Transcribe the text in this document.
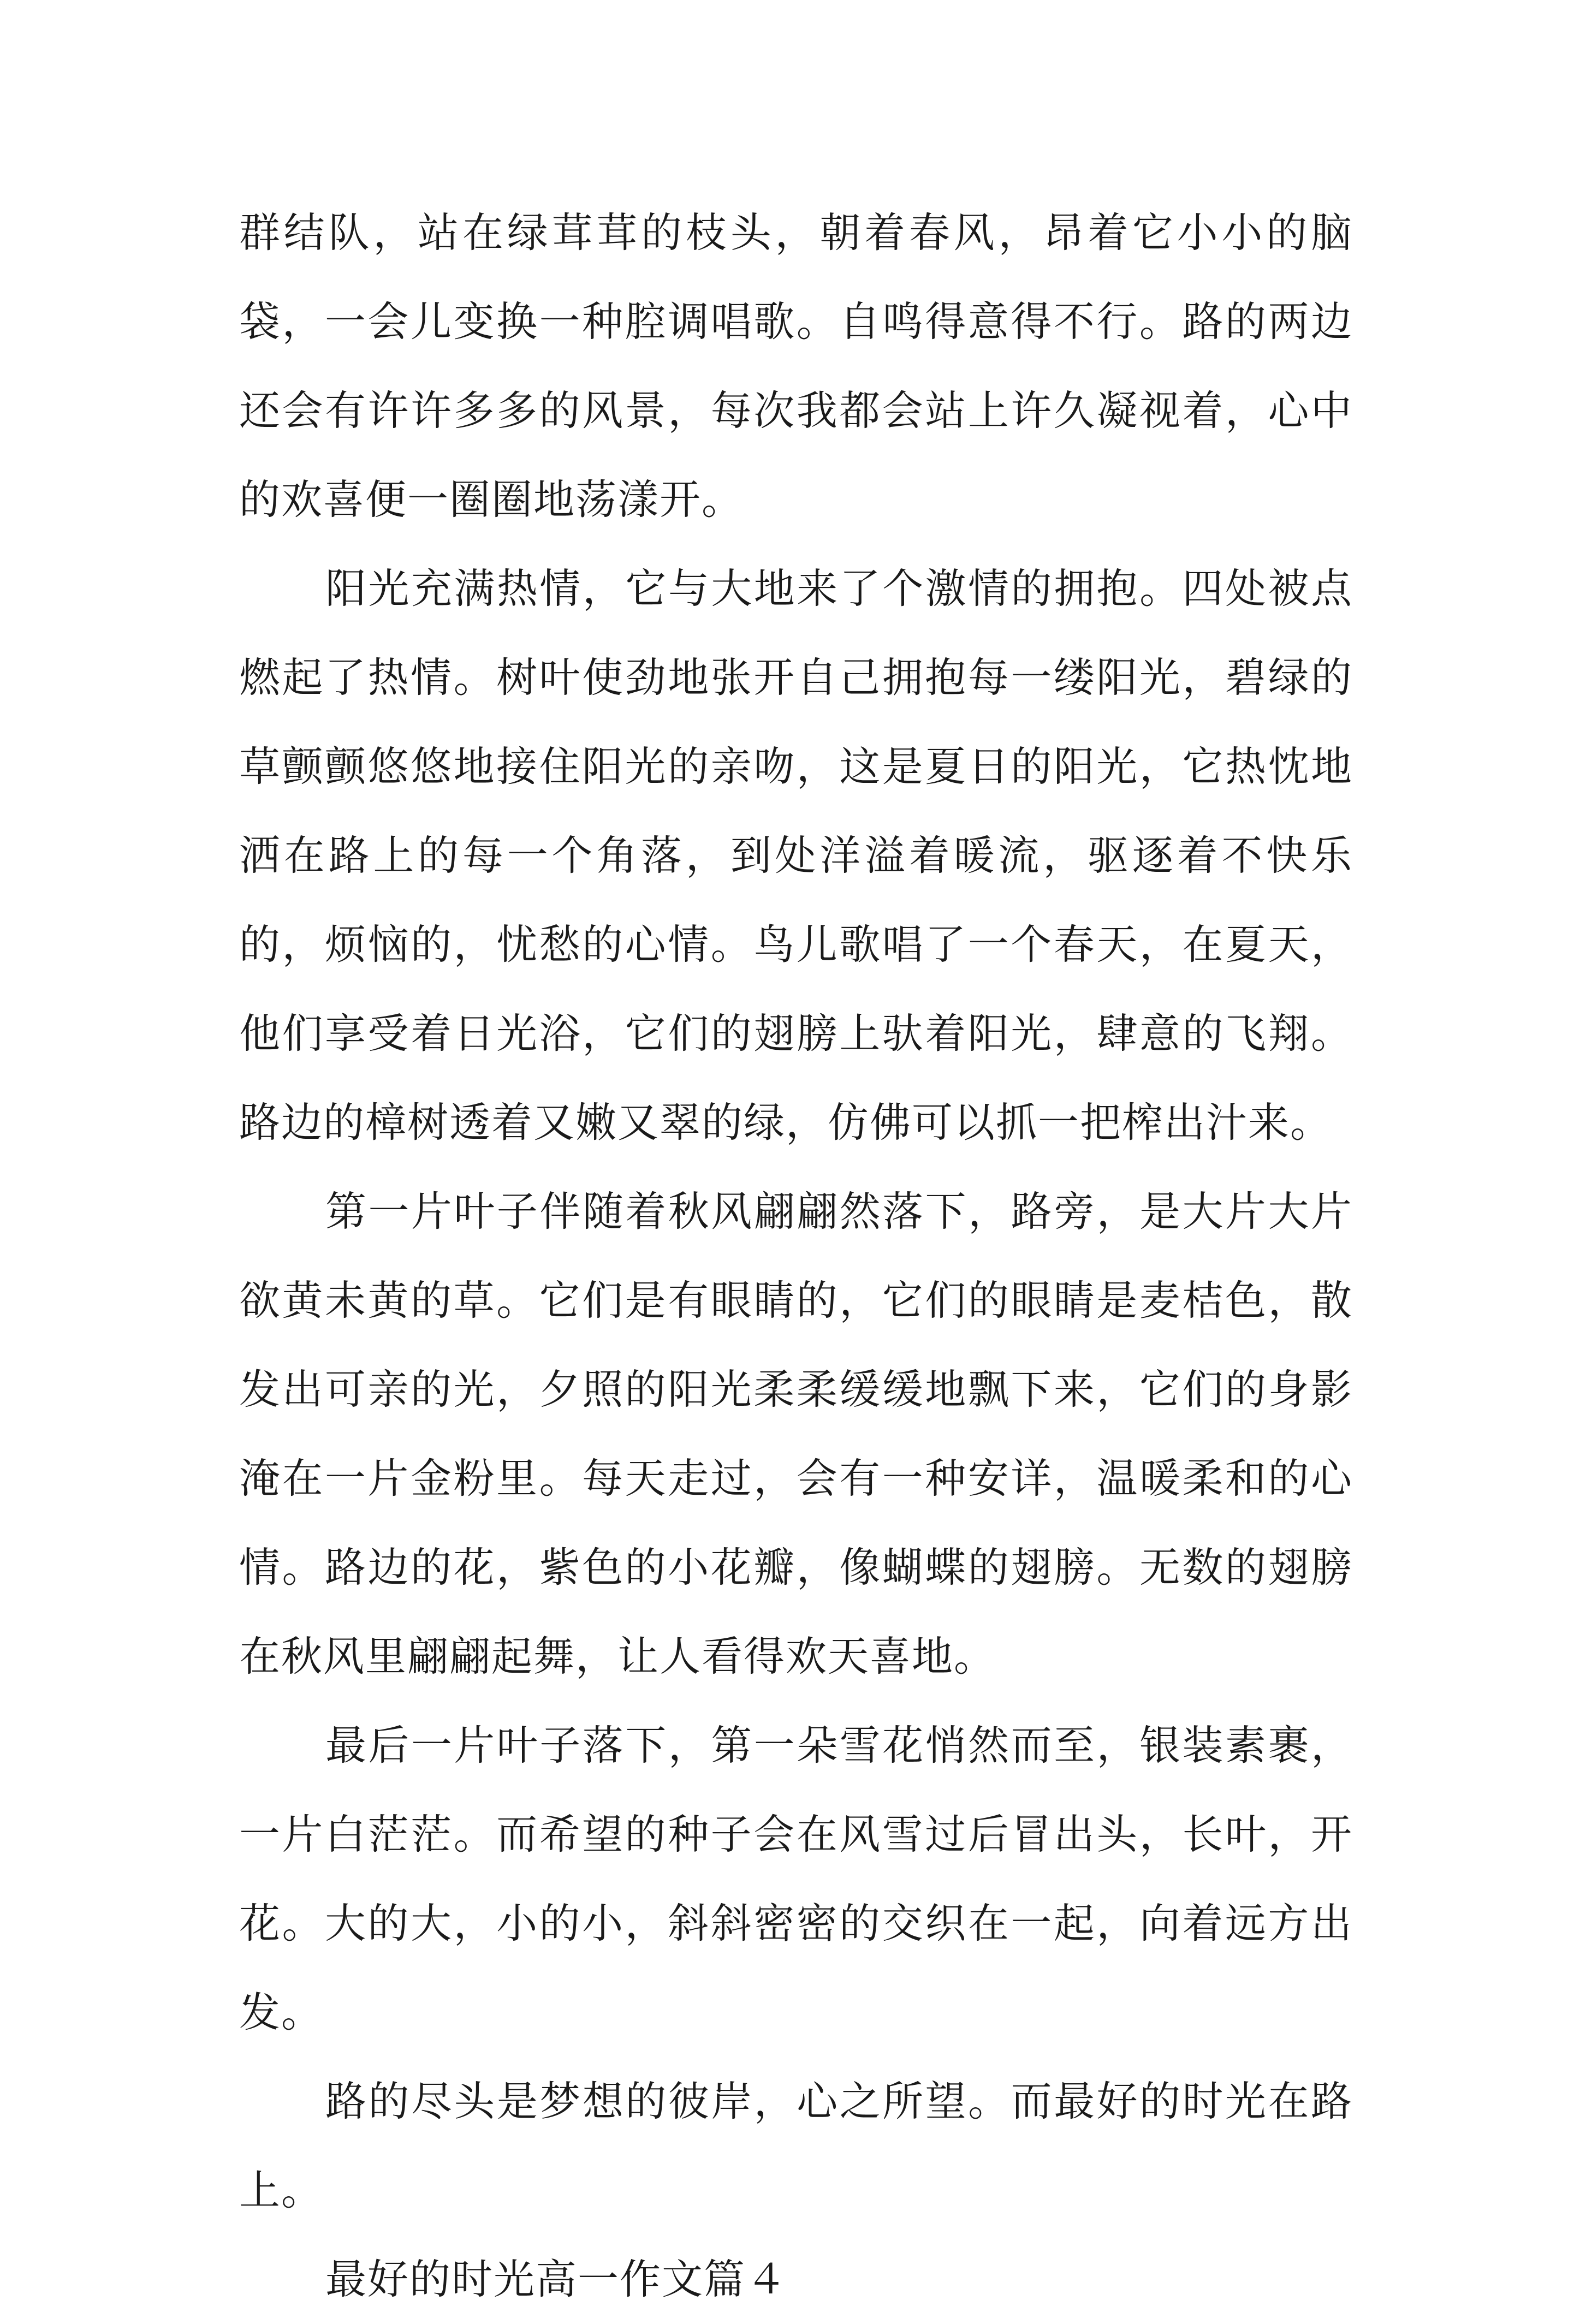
群结队，站在绿茸茸的枝头，朝着春风，昂着它小小的脑袋，一会儿变换一种腔调唱歌。自鸣得意得不行。路的两边还会有许许多多的风景，每次我都会站上许久凝视着，心中的欢喜便一圈圈地荡漾开。

阳光充满热情，它与大地来了个激情的拥抱。四处被点燃起了热情。树叶使劲地张开自己拥抱每一缕阳光，碧绿的草颤颤悠悠地接住阳光的亲吻，这是夏日的阳光，它热忱地洒在路上的每一个角落，到处洋溢着暖流，驱逐着不快乐的，烦恼的，忧愁的心情。鸟儿歌唱了一个春天，在夏天，他们享受着日光浴，它们的翅膀上驮着阳光，肆意的飞翔。路边的樟树透着又嫩又翠的绿，仿佛可以抓一把榨出汁来。

第一片叶子伴随着秋风翩翩然落下，路旁，是大片大片欲黄未黄的草。它们是有眼睛的，它们的眼睛是麦桔色，散发出可亲的光，夕照的阳光柔柔缓缓地飘下来，它们的身影淹在一片金粉里。每天走过，会有一种安详，温暖柔和的心情。路边的花，紫色的小花瓣，像蝴蝶的翅膀。无数的翅膀在秋风里翩翩起舞，让人看得欢天喜地。

最后一片叶子落下，第一朵雪花悄然而至，银装素裹，一片白茫茫。而希望的种子会在风雪过后冒出头，长叶，开花。大的大，小的小，斜斜密密的交织在一起，向着远方出发。

路的尽头是梦想的彼岸，心之所望。而最好的时光在路上。

最好的时光高一作文篇４
